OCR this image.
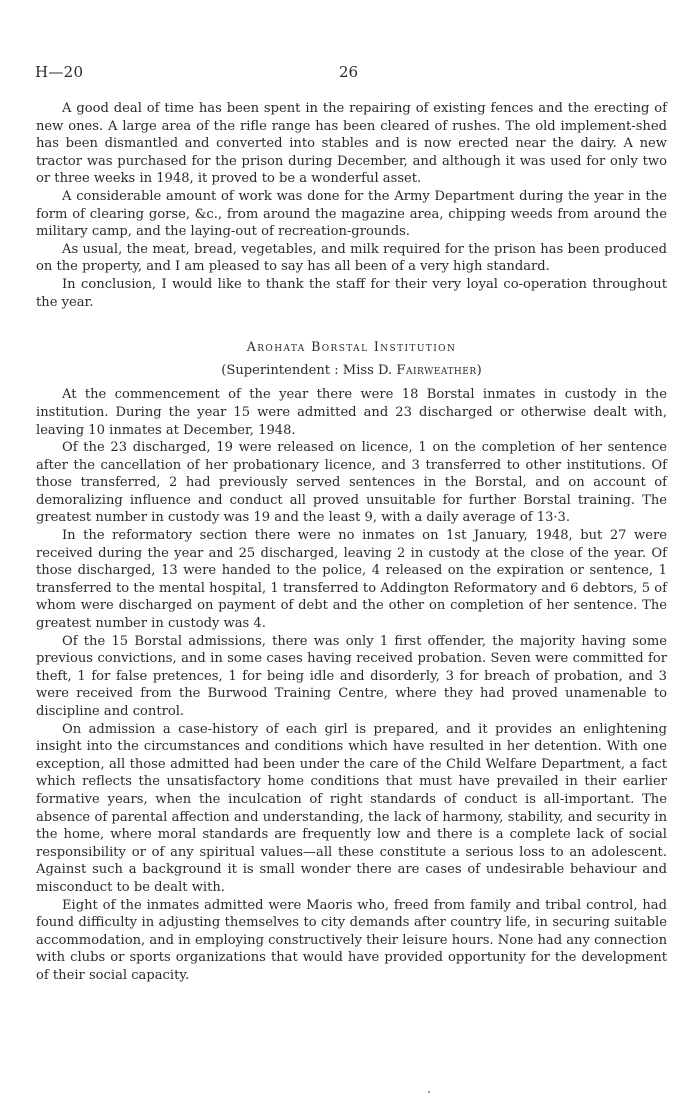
H—20	26

A good deal of time has been spent in the repairing of existing fences and the erecting of new ones. A large area of the rifle range has been cleared of rushes. The old implement-shed has been dismantled and converted into stables and is now erected near the dairy. A new tractor was purchased for the prison during December, and although it was used for only two or three weeks in 1948, it proved to be a wonderful asset.

A considerable amount of work was done for the Army Department during the year in the form of clearing gorse, &c., from around the magazine area, chipping weeds from around the military camp, and the laying-out of recreation-grounds.

As usual, the meat, bread, vegetables, and milk required for the prison has been produced on the property, and I am pleased to say has all been of a very high standard.

In conclusion, I would like to thank the staff for their very loyal co-operation throughout the year.

Arohata Borstal Institution
(Superintendent : Miss D. Fairweather)

At the commencement of the year there were 18 Borstal inmates in custody in the institution. During the year 15 were admitted and 23 discharged or otherwise dealt with, leaving 10 inmates at December, 1948.

Of the 23 discharged, 19 were released on licence, 1 on the completion of her sentence after the cancellation of her probationary licence, and 3 transferred to other institutions. Of those transferred, 2 had previously served sentences in the Borstal, and on account of demoralizing influence and conduct all proved unsuitable for further Borstal training. The greatest number in custody was 19 and the least 9, with a daily average of 13·3.

In the reformatory section there were no inmates on 1st January, 1948, but 27 were received during the year and 25 discharged, leaving 2 in custody at the close of the year. Of those discharged, 13 were handed to the police, 4 released on the expiration or sentence, 1 transferred to the mental hospital, 1 transferred to Addington Reformatory and 6 debtors, 5 of whom were discharged on payment of debt and the other on completion of her sentence. The greatest number in custody was 4.

Of the 15 Borstal admissions, there was only 1 first offender, the majority having some previous convictions, and in some cases having received probation. Seven were committed for theft, 1 for false pretences, 1 for being idle and disorderly, 3 for breach of probation, and 3 were received from the Burwood Training Centre, where they had proved unamenable to discipline and control.

On admission a case-history of each girl is prepared, and it provides an enlightening insight into the circumstances and conditions which have resulted in her detention. With one exception, all those admitted had been under the care of the Child Welfare Department, a fact which reflects the unsatisfactory home conditions that must have prevailed in their earlier formative years, when the inculcation of right standards of conduct is all-important. The absence of parental affection and understanding, the lack of harmony, stability, and security in the home, where moral standards are frequently low and there is a complete lack of social responsibility or of any spiritual values—all these constitute a serious loss to an adolescent. Against such a background it is small wonder there are cases of undesirable behaviour and misconduct to be dealt with.

Eight of the inmates admitted were Maoris who, freed from family and tribal control, had found difficulty in adjusting themselves to city demands after country life, in securing suitable accommodation, and in employing constructively their leisure hours. None had any connection with clubs or sports organizations that would have provided opportunity for the development of their social capacity.
